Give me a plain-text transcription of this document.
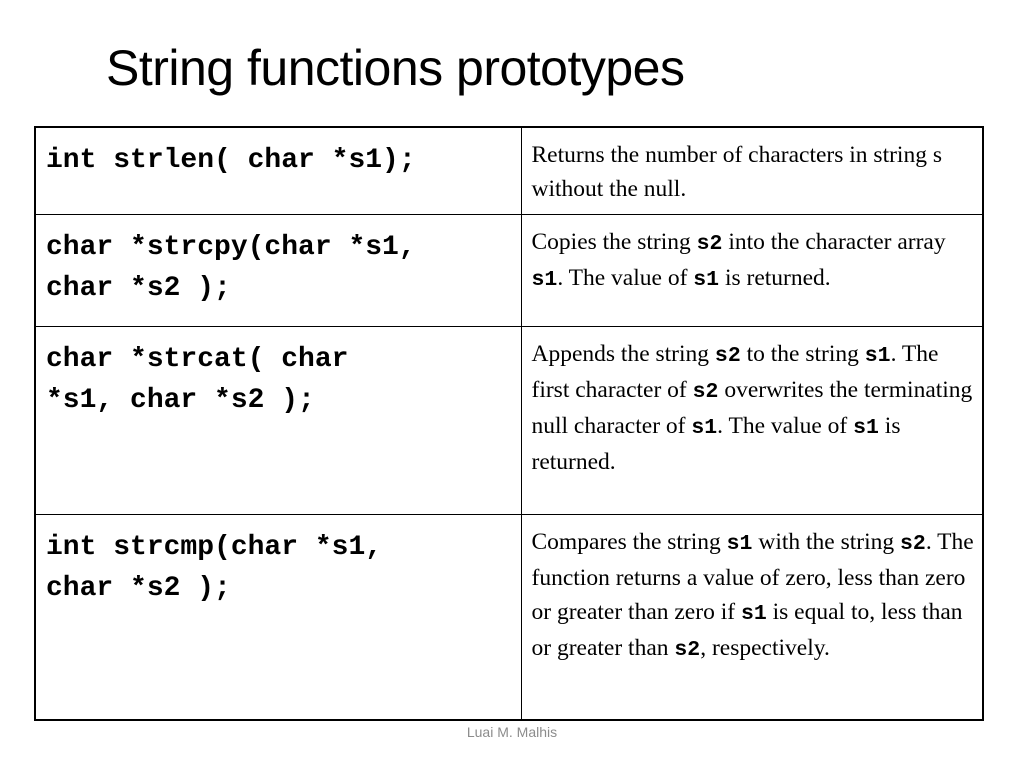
String functions prototypes
int strlen( char *s1);	Returns the number of characters in string s without the null.

char *strcpy(char *s1,
char *s2 );	Copies the string s2 into the character array s1. The value of s1 is returned.

char *strcat( char
*s1, char *s2 );	Appends the string s2 to the string s1. The first character of s2 overwrites the terminating null character of s1. The value of s1 is returned.

int strcmp(char *s1,
char *s2 );	Compares the string s1 with the string s2. The function returns a value of zero, less than zero or greater than zero if s1 is equal to, less than or greater than s2, respectively.
Luai M. Malhis
